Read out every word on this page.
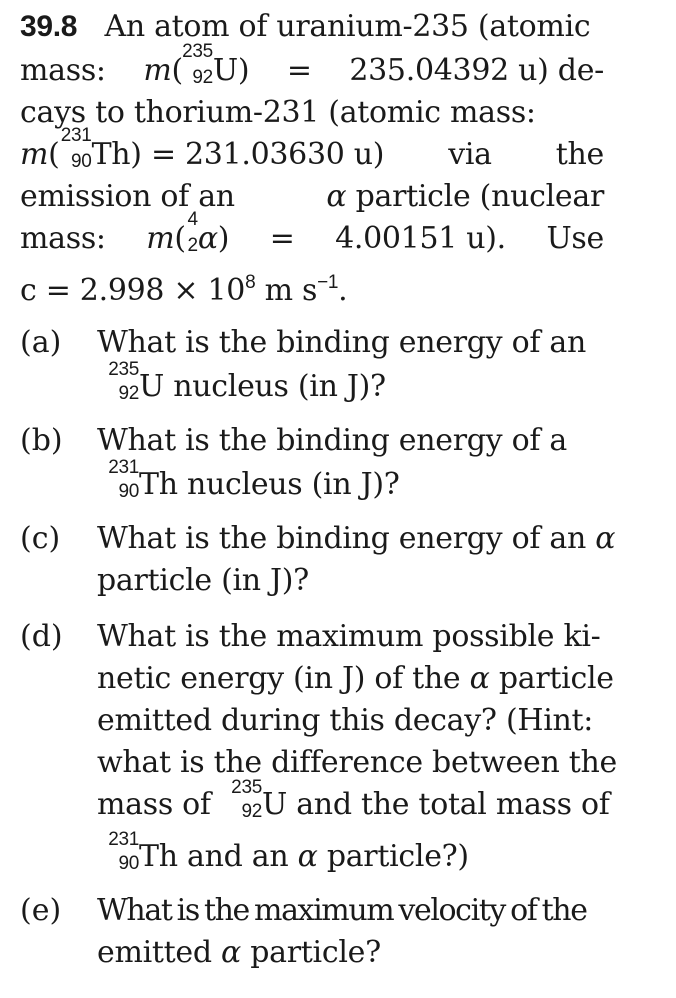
39.8 An atom of uranium-235 (atomic
mass: m(
235
92 U) = 235.04392 u) de-
cays to thorium-231 (atomic mass:
m(
231
90 Th) = 231.03630 u) via the
emission of an	α particle (nuclear
mass: m(
4
2 α) = 4.00151 u). Use
$c = 2.998 \times 10^8$ m $s^{-1}$.
(a) What is the binding energy of an
235
92 U nucleus (in J)?
(b) What is the binding energy of a
231
90 Th nucleus (in J)?
(c) What is the binding energy of an α
particle (in J)?
(d) What is the maximum possible ki-
netic energy (in J) of the α particle
emitted during this decay? (Hint:
what is the difference between the
mass of 235
92 U and the total mass of
231
90 Th and an α particle?)
(e) What is the maximum velocity of the
emitted α particle?
